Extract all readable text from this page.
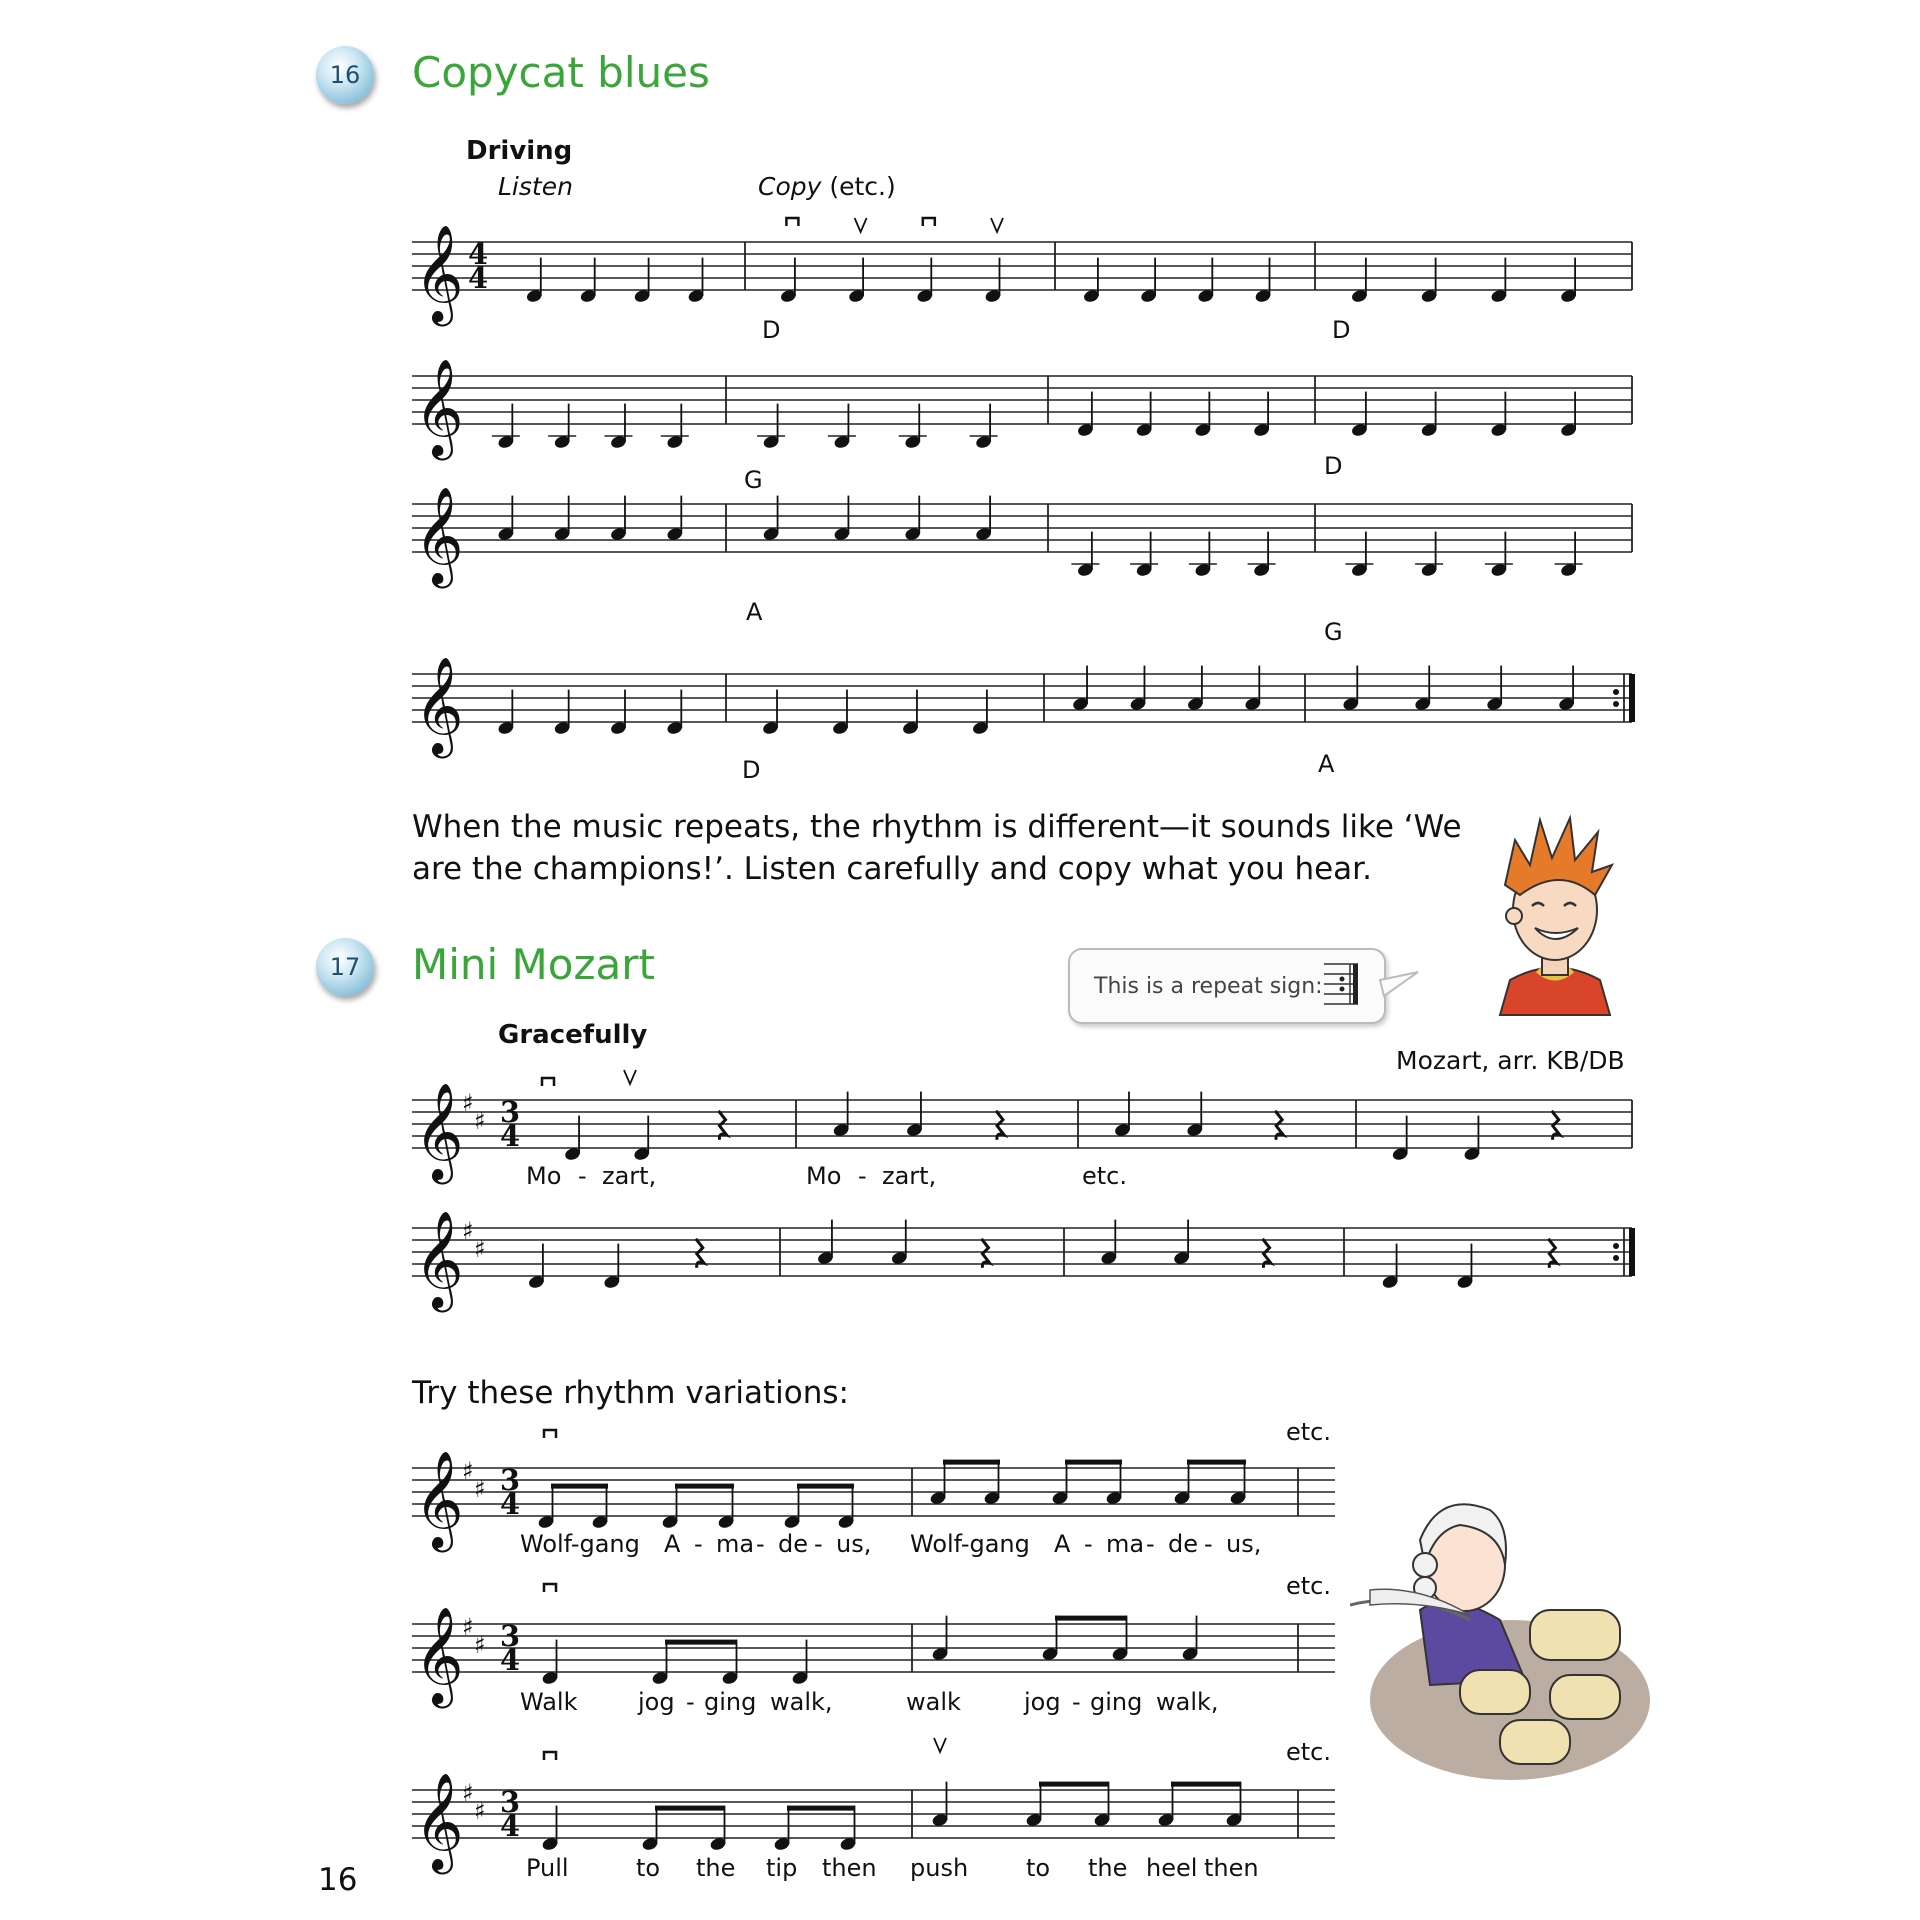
16 Copycat blues
Driving
Listen	Copy (etc.)
𝄞 4
4
𝄞
𝄞
𝄞
D	D
G	D
A
G
D	A
When the music repeats, the rhythm is different—it sounds like ‘We
are the champions!’. Listen carefully and copy what you hear.
17 Mini Mozart
Gracefully
Mozart, arr. KB/DB
This is a repeat sign:
𝄞
♯
♯ 3
4
𝄞
♯
♯
𝄞
♯
♯ 3
4
𝄞
♯
♯ 3
4
𝄞
♯
♯ 3
4
Mo - zart,	Mo - zart,	etc.
Try these rhythm variations:
etc.
etc.
etc.
Wolf-gang A - ma - de - us, Wolf-gang A - ma - de - us,
Walk	jog - ging walk,	walk	jog - ging walk,
Pull	to the tip then push to the heel then
16
